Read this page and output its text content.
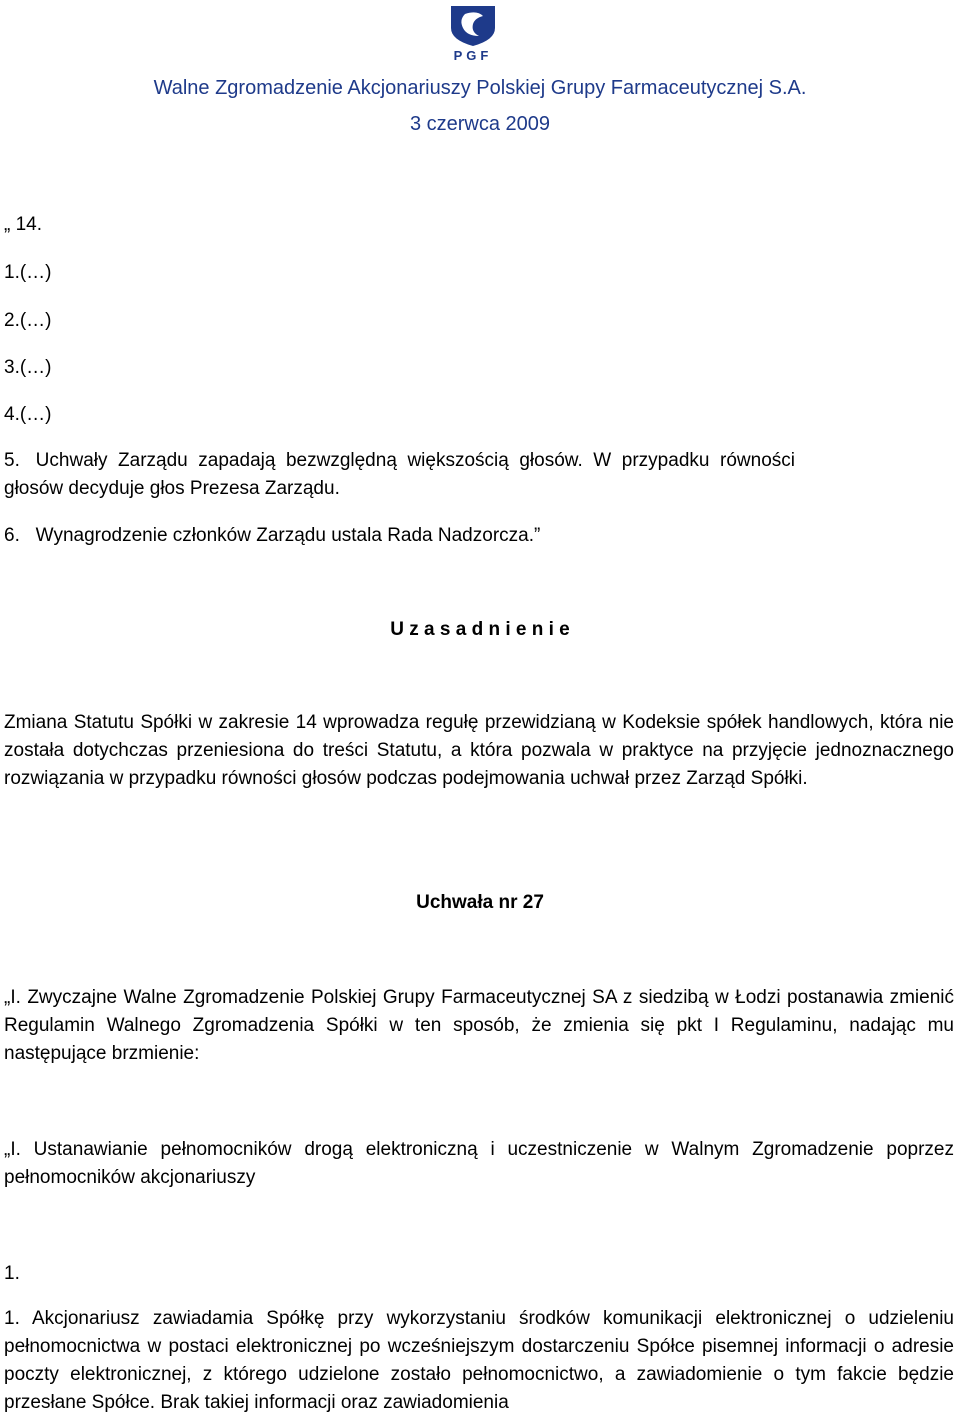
PGF
Walne Zgromadzenie Akcjonariuszy Polskiej Grupy Farmaceutycznej S.A.
3 czerwca 2009
„ 14.
1.(…)
2.(…)
3.(…)
4.(…)
5.   Uchwały  Zarządu  zapadają  bezwzględną  większością  głosów.  W  przypadku  równości
głosów decyduje głos Prezesa Zarządu.
6.   Wynagrodzenie członków Zarządu ustala Rada Nadzorcza.”
U z a s a d n i e n i e
Zmiana Statutu Spółki w zakresie 14 wprowadza regułę przewidzianą w Kodeksie spółek handlowych, która nie została dotychczas przeniesiona do treści Statutu, a która pozwala w praktyce na przyjęcie jednoznacznego rozwiązania w przypadku równości głosów podczas podejmowania uchwał przez Zarząd Spółki.
Uchwała nr 27
„I. Zwyczajne Walne Zgromadzenie Polskiej Grupy Farmaceutycznej SA z siedzibą w Łodzi postanawia zmienić Regulamin Walnego Zgromadzenia Spółki w ten sposób, że zmienia się pkt I Regulaminu, nadając mu następujące brzmienie:
„I. Ustanawianie pełnomocników drogą elektroniczną i uczestniczenie w Walnym Zgromadzenie poprzez pełnomocników akcjonariuszy
1.
1. Akcjonariusz zawiadamia Spółkę przy wykorzystaniu środków komunikacji elektronicznej o udzieleniu pełnomocnictwa w postaci elektronicznej po wcześniejszym dostarczeniu Spółce pisemnej informacji o adresie poczty elektronicznej, z którego udzielone zostało pełnomocnictwo, a zawiadomienie o tym fakcie będzie przesłane Spółce. Brak takiej informacji oraz zawiadomienia
